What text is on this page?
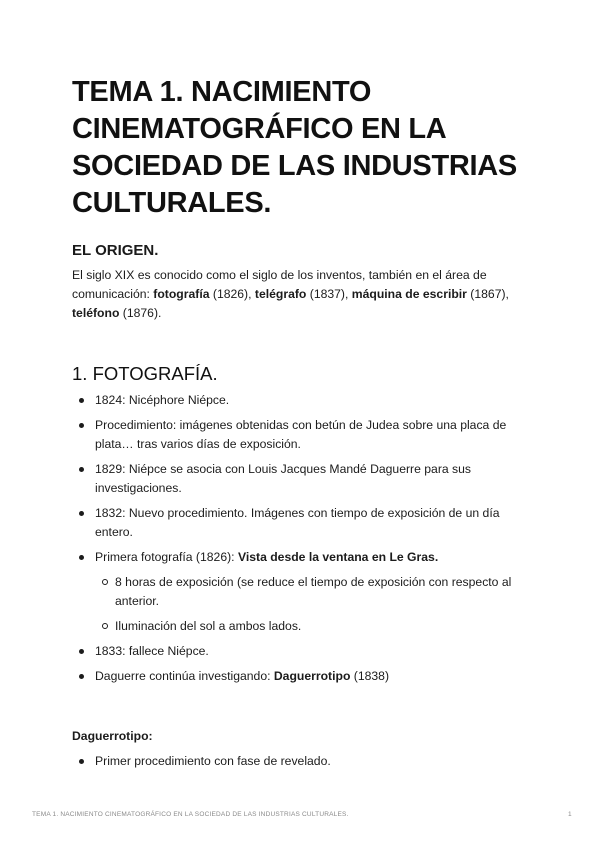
TEMA 1. NACIMIENTO CINEMATOGRÁFICO EN LA SOCIEDAD DE LAS INDUSTRIAS CULTURALES.
EL ORIGEN.

El siglo XIX es conocido como el siglo de los inventos, también en el área de comunicación: fotografía (1826), telégrafo (1837), máquina de escribir (1867), teléfono (1876).

1. FOTOGRAFÍA.
1824: Nicéphore Niépce.
Procedimiento: imágenes obtenidas con betún de Judea sobre una placa de plata… tras varios días de exposición.
1829: Niépce se asocia con Louis Jacques Mandé Daguerre para sus investigaciones.
1832: Nuevo procedimiento. Imágenes con tiempo de exposición de un día entero.
Primera fotografía (1826): Vista desde la ventana en Le Gras.
8 horas de exposición (se reduce el tiempo de exposición con respecto al anterior.
Iluminación del sol a ambos lados.
1833: fallece Niépce.
Daguerre continúa investigando: Daguerrotipo (1838)
Daguerrotipo:
Primer procedimiento con fase de revelado.
TEMA 1. NACIMIENTO CINEMATOGRÁFICO EN LA SOCIEDAD DE LAS INDUSTRIAS CULTURALES.	1
